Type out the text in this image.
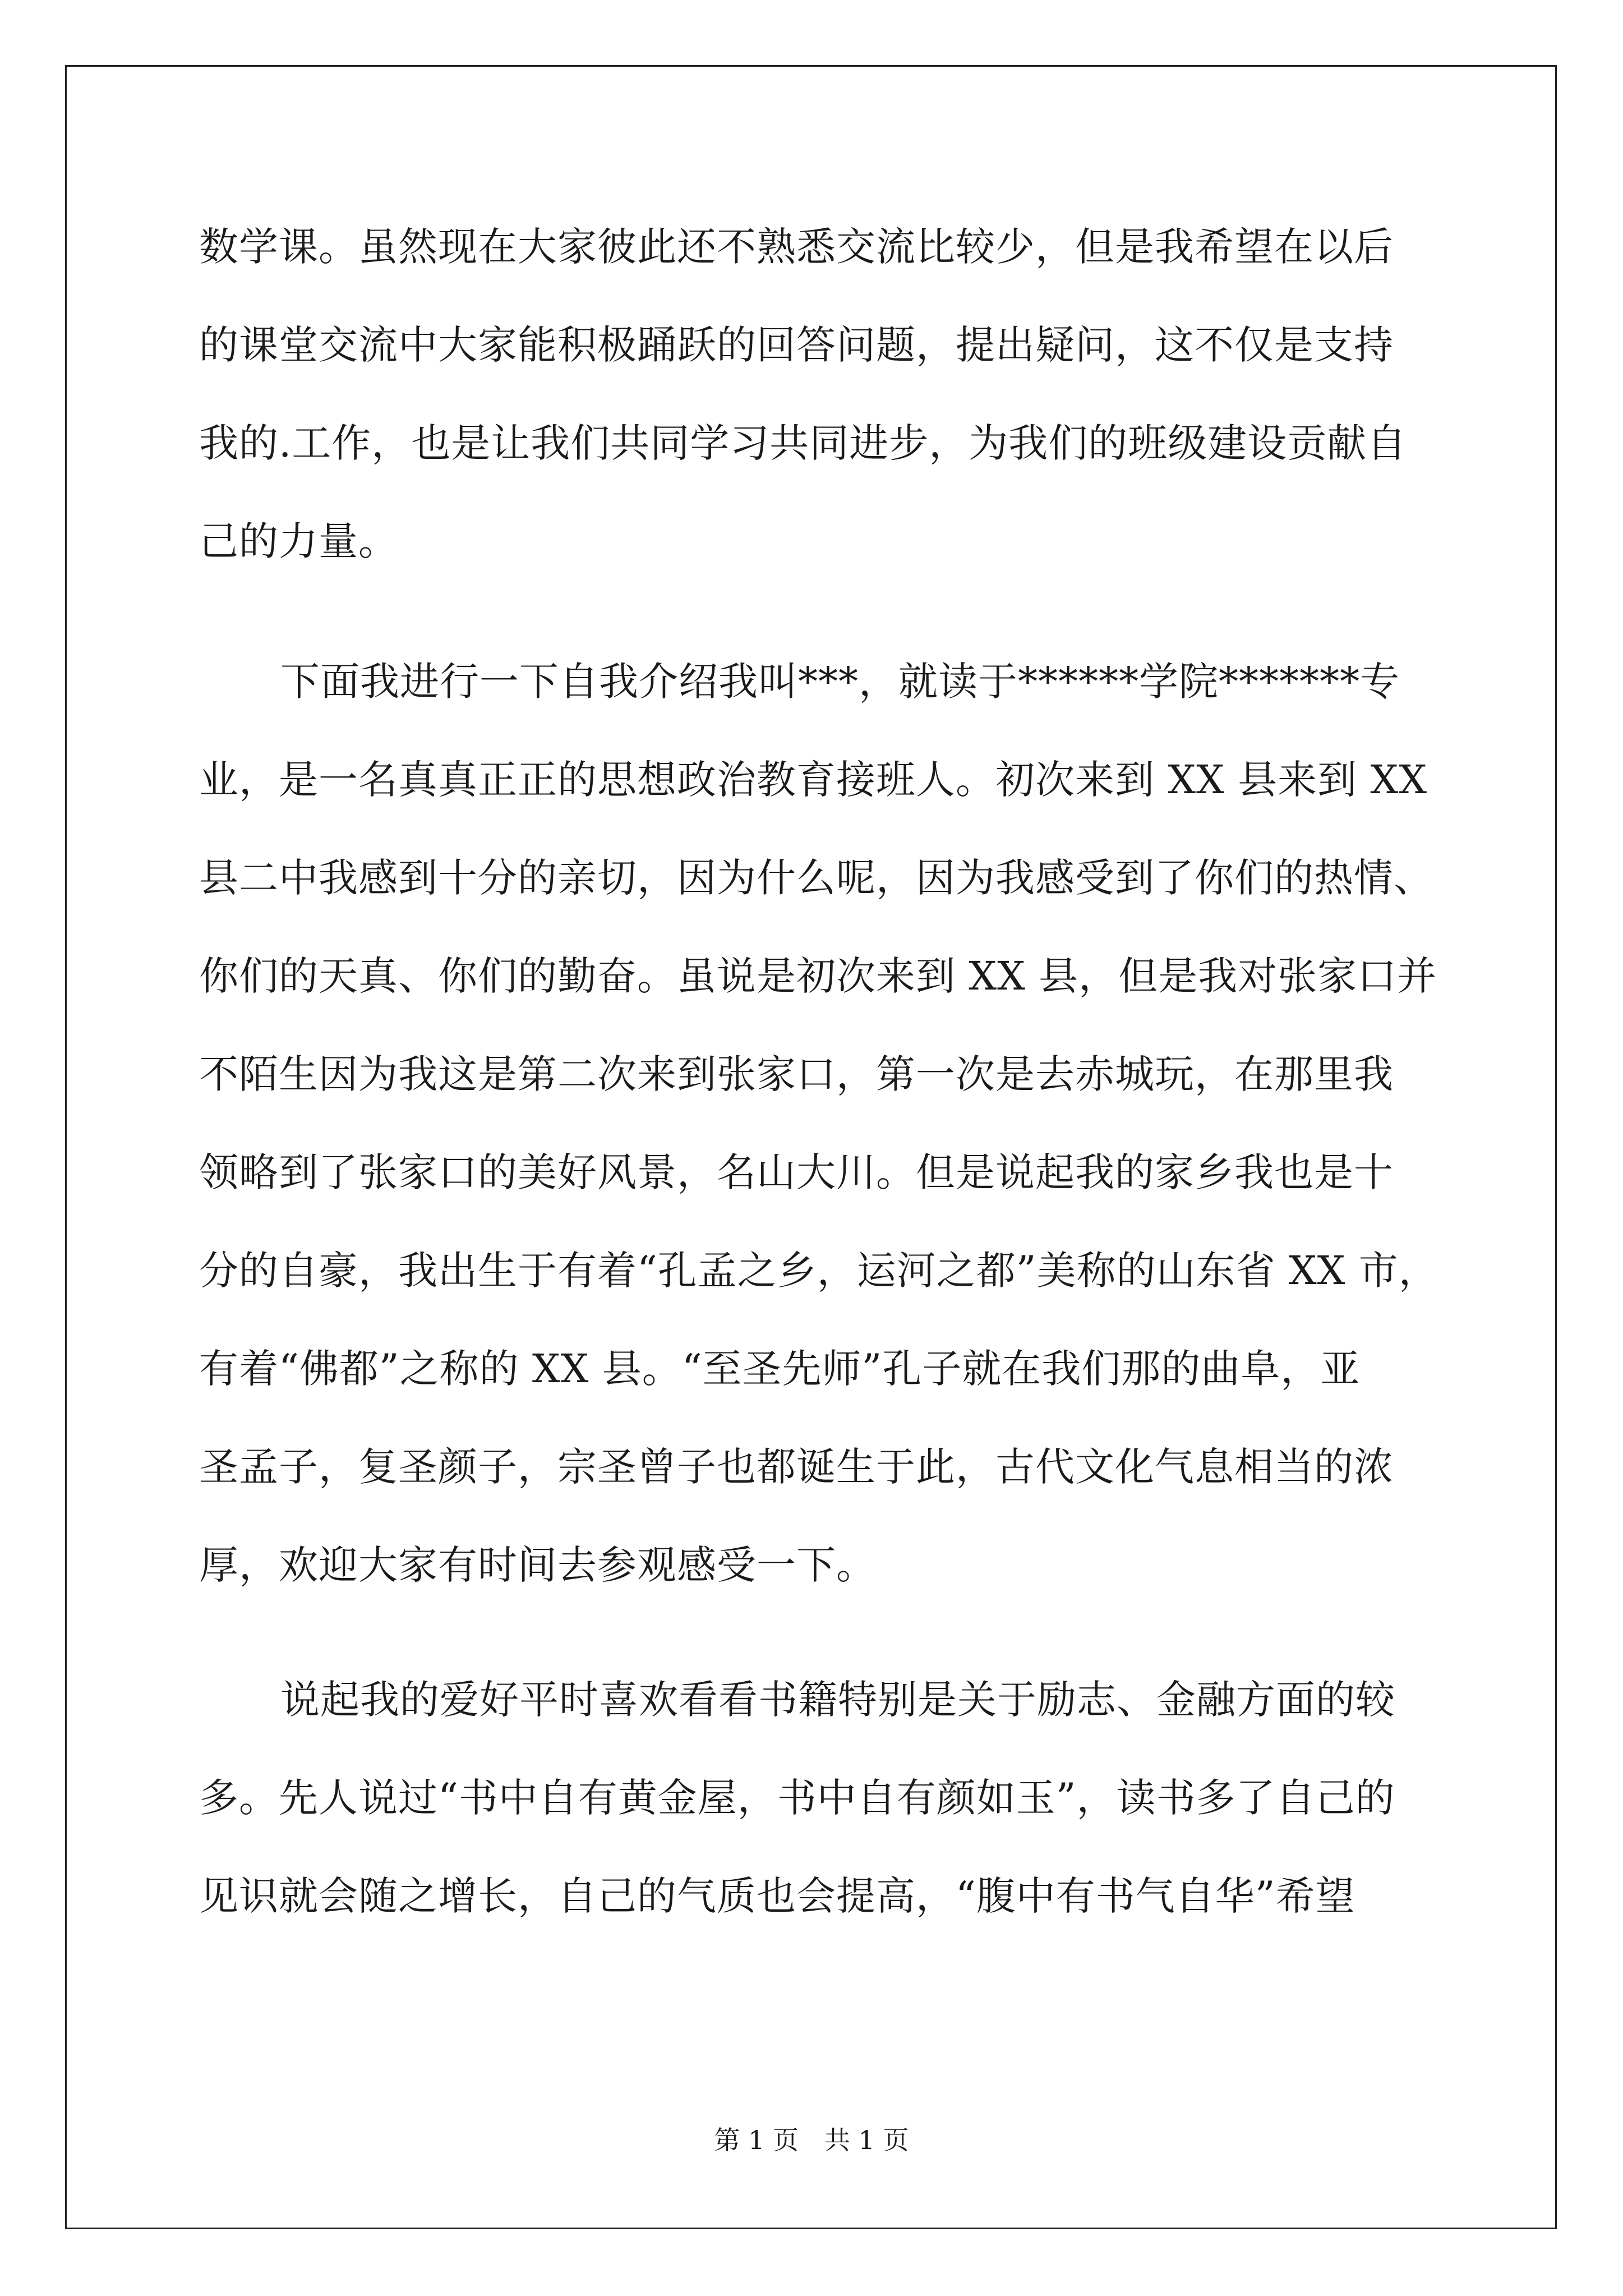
数学课。虽然现在大家彼此还不熟悉交流比较少，但是我希望在以后
的课堂交流中大家能积极踊跃的回答问题，提出疑问，这不仅是支持
我的.工作，也是让我们共同学习共同进步，为我们的班级建设贡献自
己的力量。
下面我进行一下自我介绍我叫***，就读于******学院*******专
业，是一名真真正正的思想政治教育接班人。初次来到 XX 县来到 XX
县二中我感到十分的亲切，因为什么呢，因为我感受到了你们的热情、
你们的天真、你们的勤奋。虽说是初次来到 XX 县，但是我对张家口并
不陌生因为我这是第二次来到张家口，第一次是去赤城玩，在那里我
领略到了张家口的美好风景，名山大川。但是说起我的家乡我也是十
分的自豪，我出生于有着“孔孟之乡，运河之都”美称的山东省 XX 市，
有着“佛都”之称的 XX 县。“至圣先师”孔子就在我们那的曲阜，亚
圣孟子，复圣颜子，宗圣曾子也都诞生于此，古代文化气息相当的浓
厚，欢迎大家有时间去参观感受一下。
说起我的爱好平时喜欢看看书籍特别是关于励志、金融方面的较
多。先人说过“书中自有黄金屋，书中自有颜如玉”，读书多了自己的
见识就会随之增长，自己的气质也会提高，“腹中有书气自华”希望
第 1 页　共 1 页
